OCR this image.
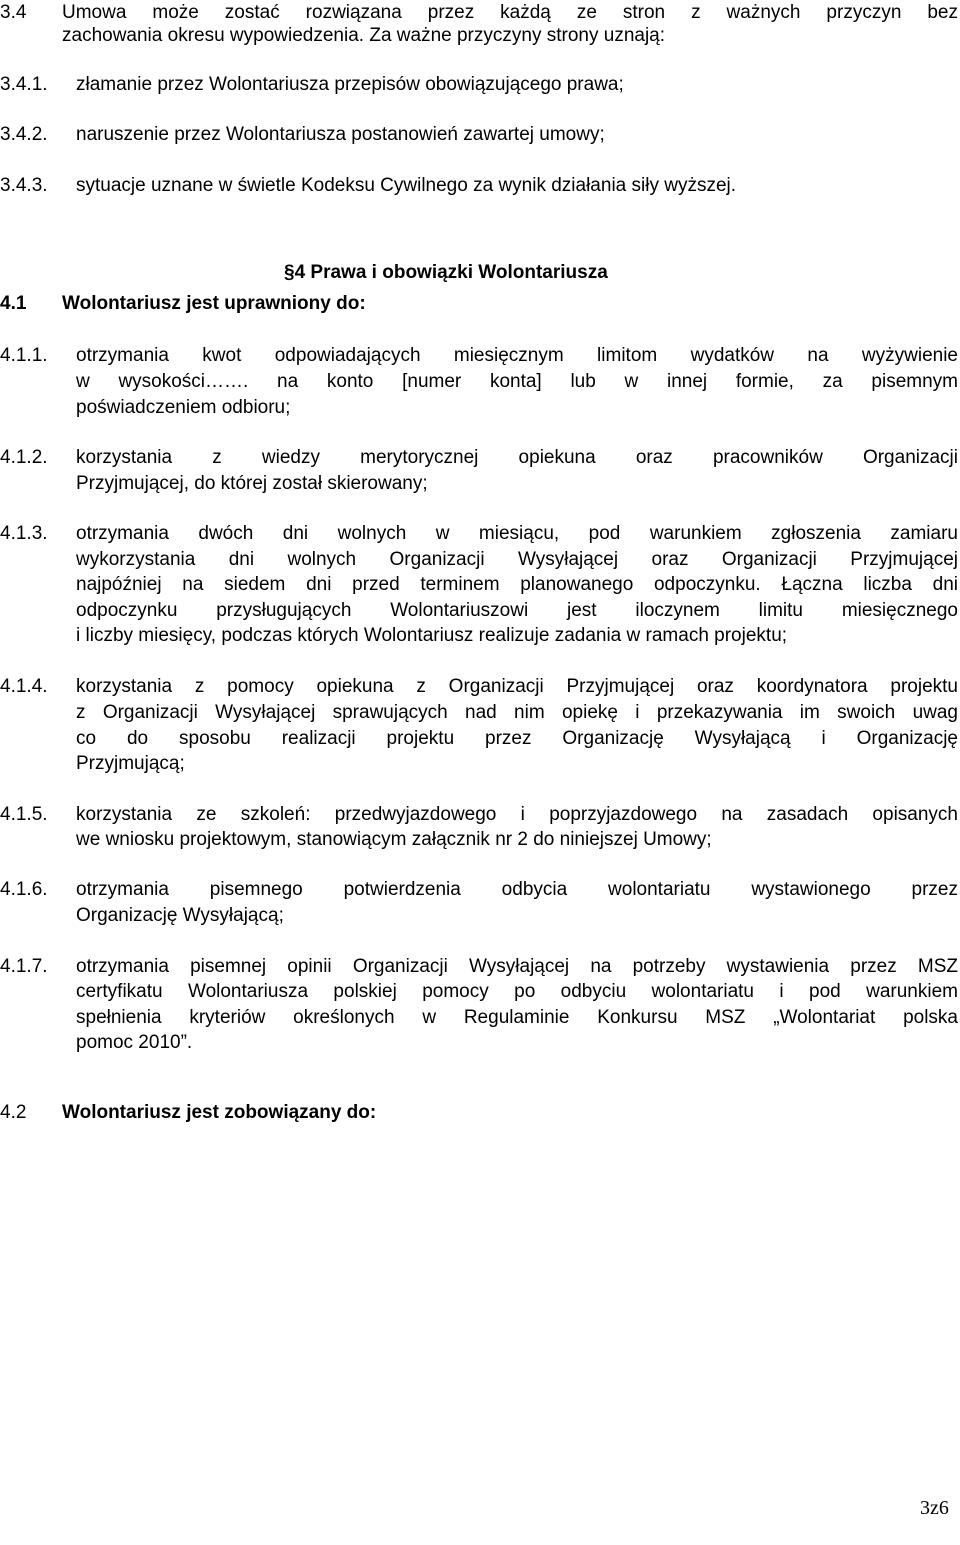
3.4 Umowa może zostać rozwiązana przez każdą ze stron z ważnych przyczyn bez
zachowania okresu wypowiedzenia. Za ważne przyczyny strony uznają:
3.4.1. złamanie przez Wolontariusza przepisów obowiązującego prawa;
3.4.2. naruszenie przez Wolontariusza postanowień zawartej umowy;
3.4.3. sytuacje uznane w świetle Kodeksu Cywilnego za wynik działania siły wyższej.
§4 Prawa i obowiązki Wolontariusza
4.1 Wolontariusz jest uprawniony do:
4.1.1. otrzymania kwot odpowiadających miesięcznym limitom wydatków na wyżywienie
w wysokości……. na konto [numer konta] lub w innej formie, za pisemnym
poświadczeniem odbioru;
4.1.2. korzystania z wiedzy merytorycznej opiekuna oraz pracowników Organizacji
Przyjmującej, do której został skierowany;
4.1.3. otrzymania dwóch dni wolnych w miesiącu, pod warunkiem zgłoszenia zamiaru
wykorzystania dni wolnych Organizacji Wysyłającej oraz Organizacji Przyjmującej
najpóźniej na siedem dni przed terminem planowanego odpoczynku. Łączna liczba dni
odpoczynku przysługujących Wolontariuszowi jest iloczynem limitu miesięcznego
i liczby miesięcy, podczas których Wolontariusz realizuje zadania w ramach projektu;
4.1.4. korzystania z pomocy opiekuna z Organizacji Przyjmującej oraz koordynatora projektu
z Organizacji Wysyłającej sprawujących nad nim opiekę i przekazywania im swoich uwag
co do sposobu realizacji projektu przez Organizację Wysyłającą i Organizację
Przyjmującą;
4.1.5. korzystania ze szkoleń: przedwyjazdowego i poprzyjazdowego na zasadach opisanych
we wniosku projektowym, stanowiącym załącznik nr 2 do niniejszej Umowy;
4.1.6. otrzymania pisemnego potwierdzenia odbycia wolontariatu wystawionego przez
Organizację Wysyłającą;
4.1.7. otrzymania pisemnej opinii Organizacji Wysyłającej na potrzeby wystawienia przez MSZ
certyfikatu Wolontariusza polskiej pomocy po odbyciu wolontariatu i pod warunkiem
spełnienia kryteriów określonych w Regulaminie Konkursu MSZ „Wolontariat polska
pomoc 2010”.
4.2 Wolontariusz jest zobowiązany do:
3z6
